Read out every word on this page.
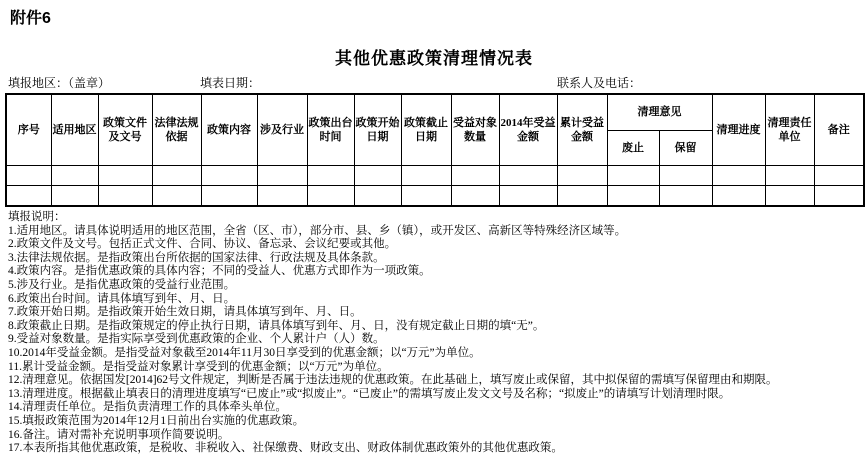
附件6
其他优惠政策清理情况表
填报地区：（盖章）	填表日期：	联系人及电话：
序号	适用地区	政策文件及文号	法律法规依据	政策内容	涉及行业	政策出台时间	政策开始日期	政策截止日期	受益对象数量	2014年受益金额	累计受益金额	清理意见		清理进度	清理责任单位	备注
												废止	保留			

填报说明：
1.适用地区。请具体说明适用的地区范围，全省（区、市），部分市、县、乡（镇），或开发区、高新区等特殊经济区域等。
2.政策文件及文号。包括正式文件、合同、协议、备忘录、会议纪要或其他。
3.法律法规依据。是指政策出台所依据的国家法律、行政法规及具体条款。
4.政策内容。是指优惠政策的具体内容；不同的受益人、优惠方式即作为一项政策。
5.涉及行业。是指优惠政策的受益行业范围。
6.政策出台时间。请具体填写到年、月、日。
7.政策开始日期。是指政策开始生效日期，请具体填写到年、月、日。
8.政策截止日期。是指政策规定的停止执行日期，请具体填写到年、月、日，没有规定截止日期的填“无”。
9.受益对象数量。是指实际享受到优惠政策的企业、个人累计户（人）数。
10.2014年受益金额。是指受益对象截至2014年11月30日享受到的优惠金额；以“万元”为单位。
11.累计受益金额。是指受益对象累计享受到的优惠金额；以“万元”为单位。
12.清理意见。依据国发[2014]62号文件规定，判断是否属于违法违规的优惠政策。在此基础上，填写废止或保留，其中拟保留的需填写保留理由和期限。
13.清理进度。根据截止填表日的清理进度填写“已废止”或“拟废止”。“已废止”的需填写废止发文文号及名称；“拟废止”的请填写计划清理时限。
14.清理责任单位。是指负责清理工作的具体牵头单位。
15.填报政策范围为2014年12月1日前出台实施的优惠政策。
16.备注。请对需补充说明事项作简要说明。
17.本表所指其他优惠政策，是税收、非税收入、社保缴费、财政支出、财政体制优惠政策外的其他优惠政策。
